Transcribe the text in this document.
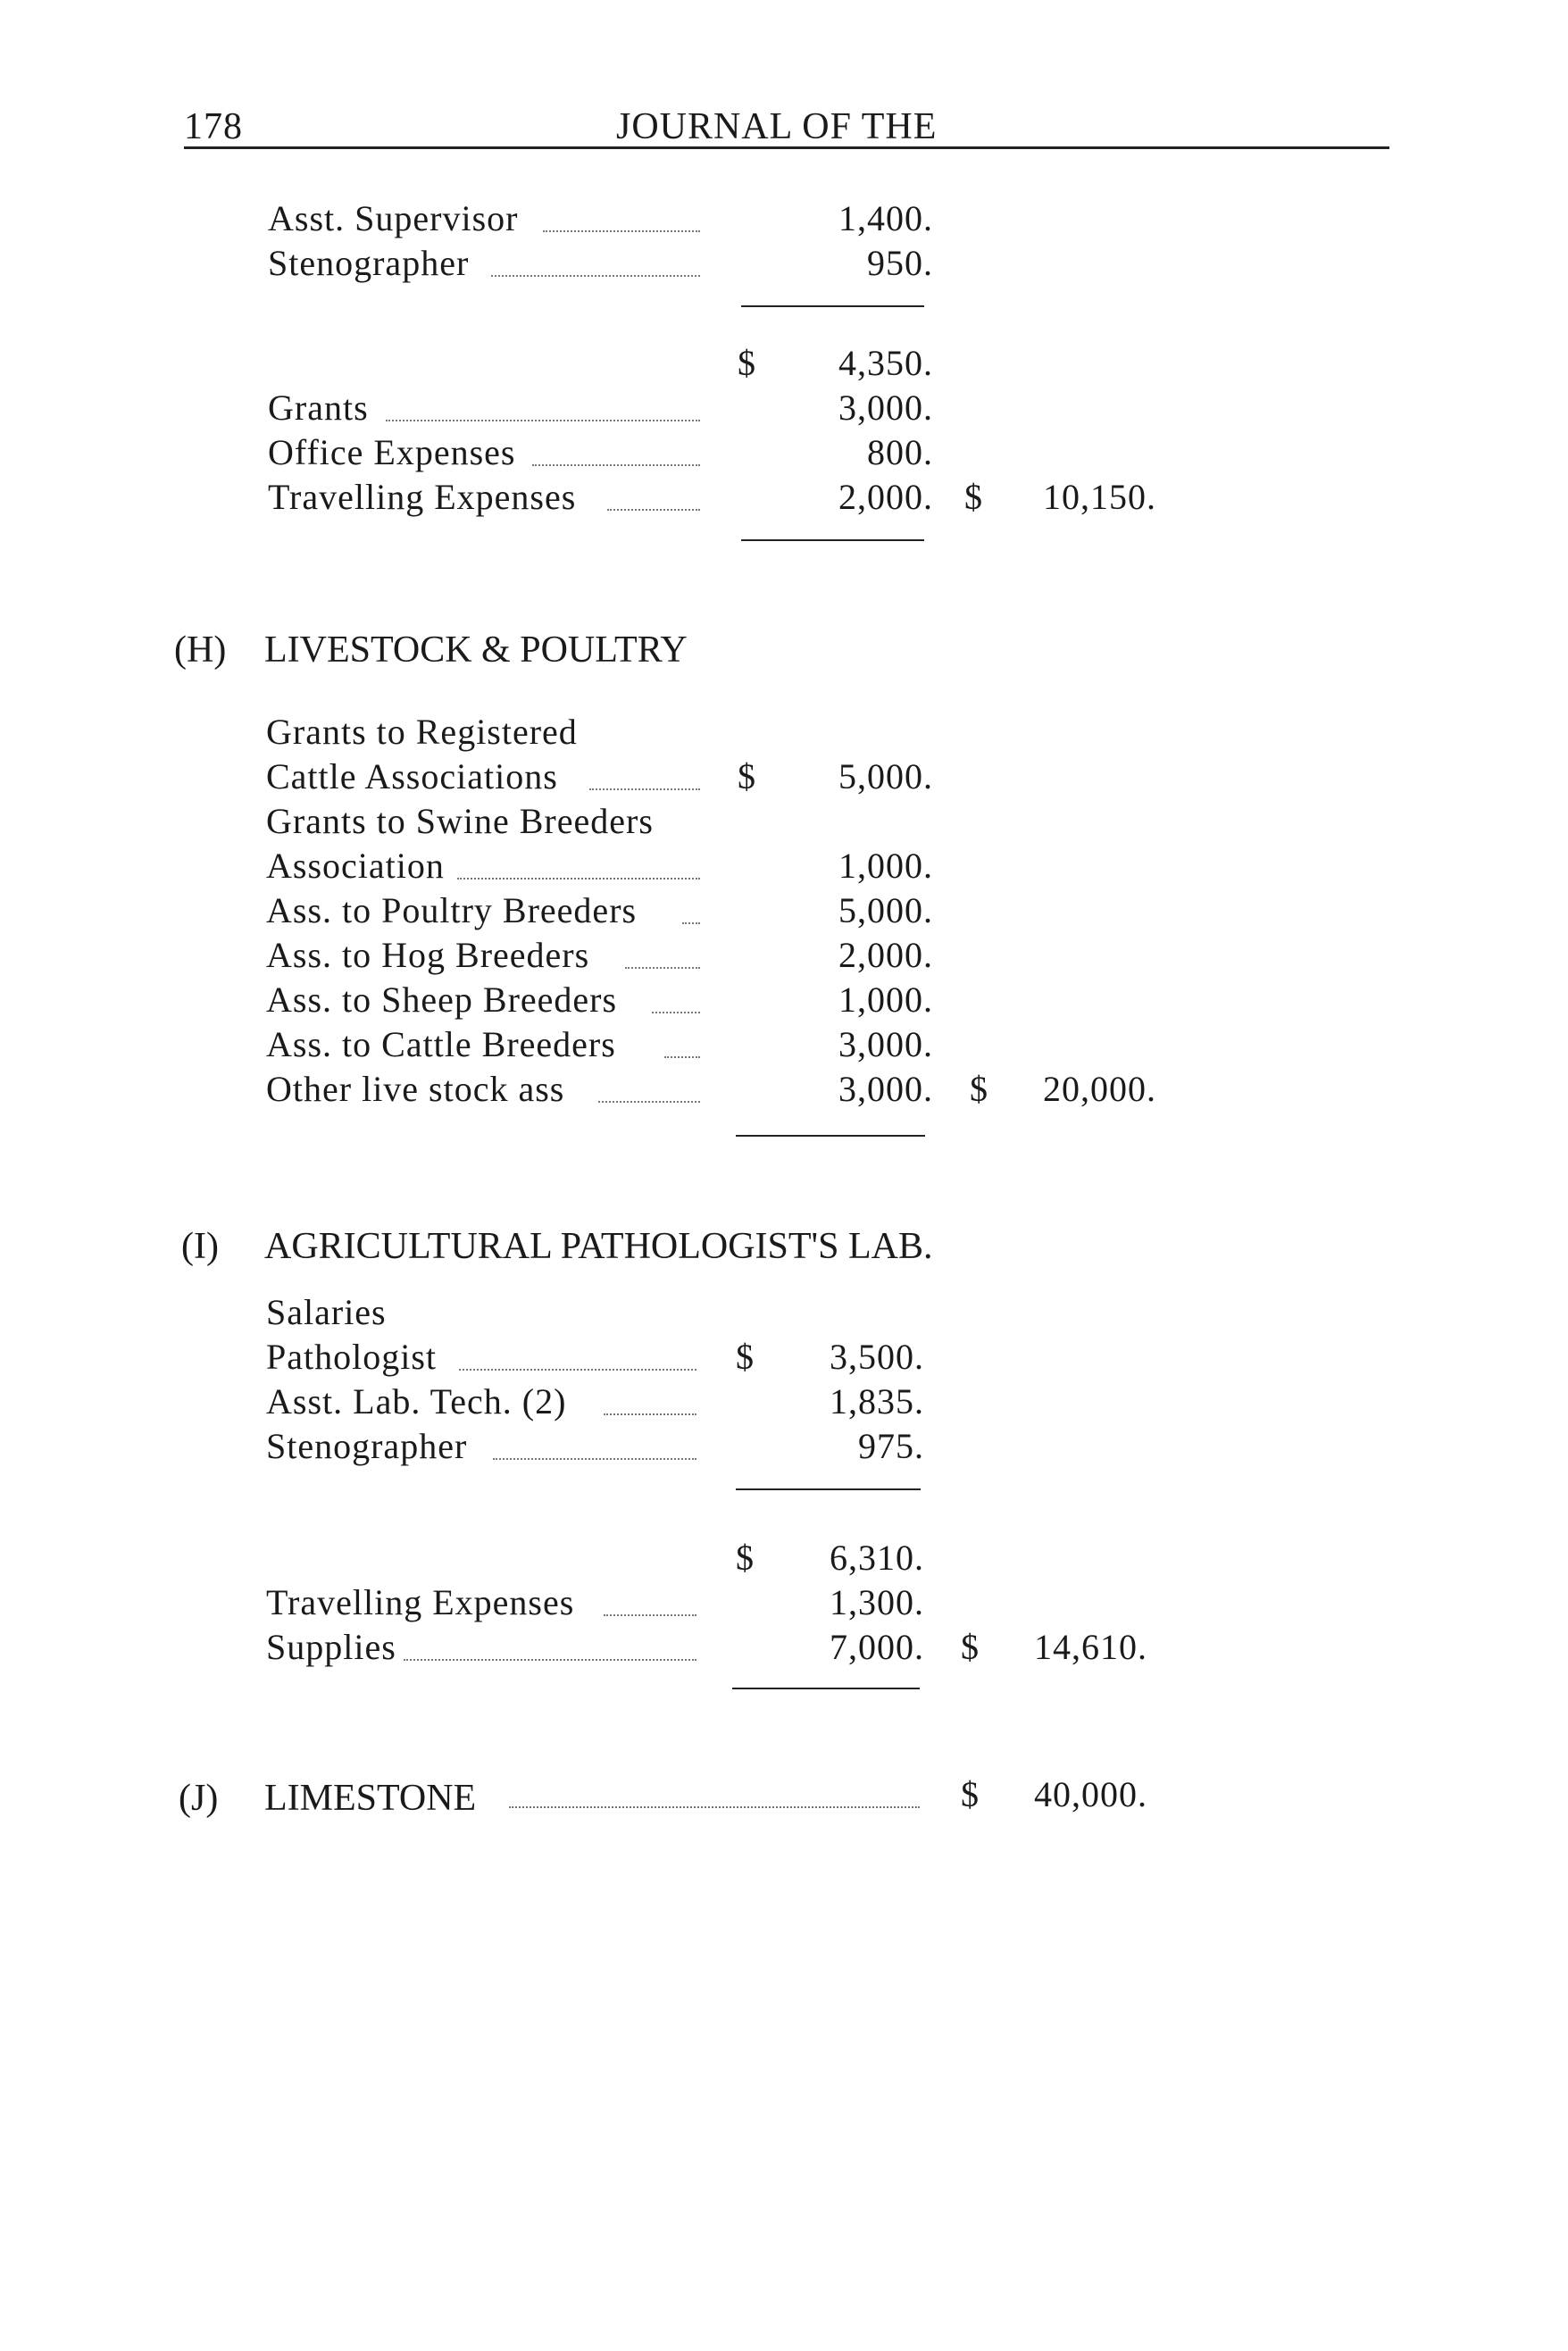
178	JOURNAL OF THE
Asst. Supervisor	1,400.
Stenographer	950.
$	4,350.
Grants	3,000.
Office Expenses	800.
Travelling Expenses	2,000. $	10,150.
(H) LIVESTOCK & POULTRY
Grants to Registered
Cattle Associations	$	5,000.
Grants to Swine Breeders
Association	1,000.
Ass. to Poultry Breeders	5,000.
Ass. to Hog Breeders	2,000.
Ass. to Sheep Breeders	1,000.
Ass. to Cattle Breeders	3,000.
Other live stock ass	3,000. $	20,000.
(I) AGRICULTURAL PATHOLOGIST'S LAB.
Salaries
Pathologist	$	3,500.
Asst. Lab. Tech. (2)	1,835.
Stenographer	975.
$	6,310.
Travelling Expenses	1,300.
Supplies	7,000. $	14,610.
(J) LIMESTONE	$	40,000.
